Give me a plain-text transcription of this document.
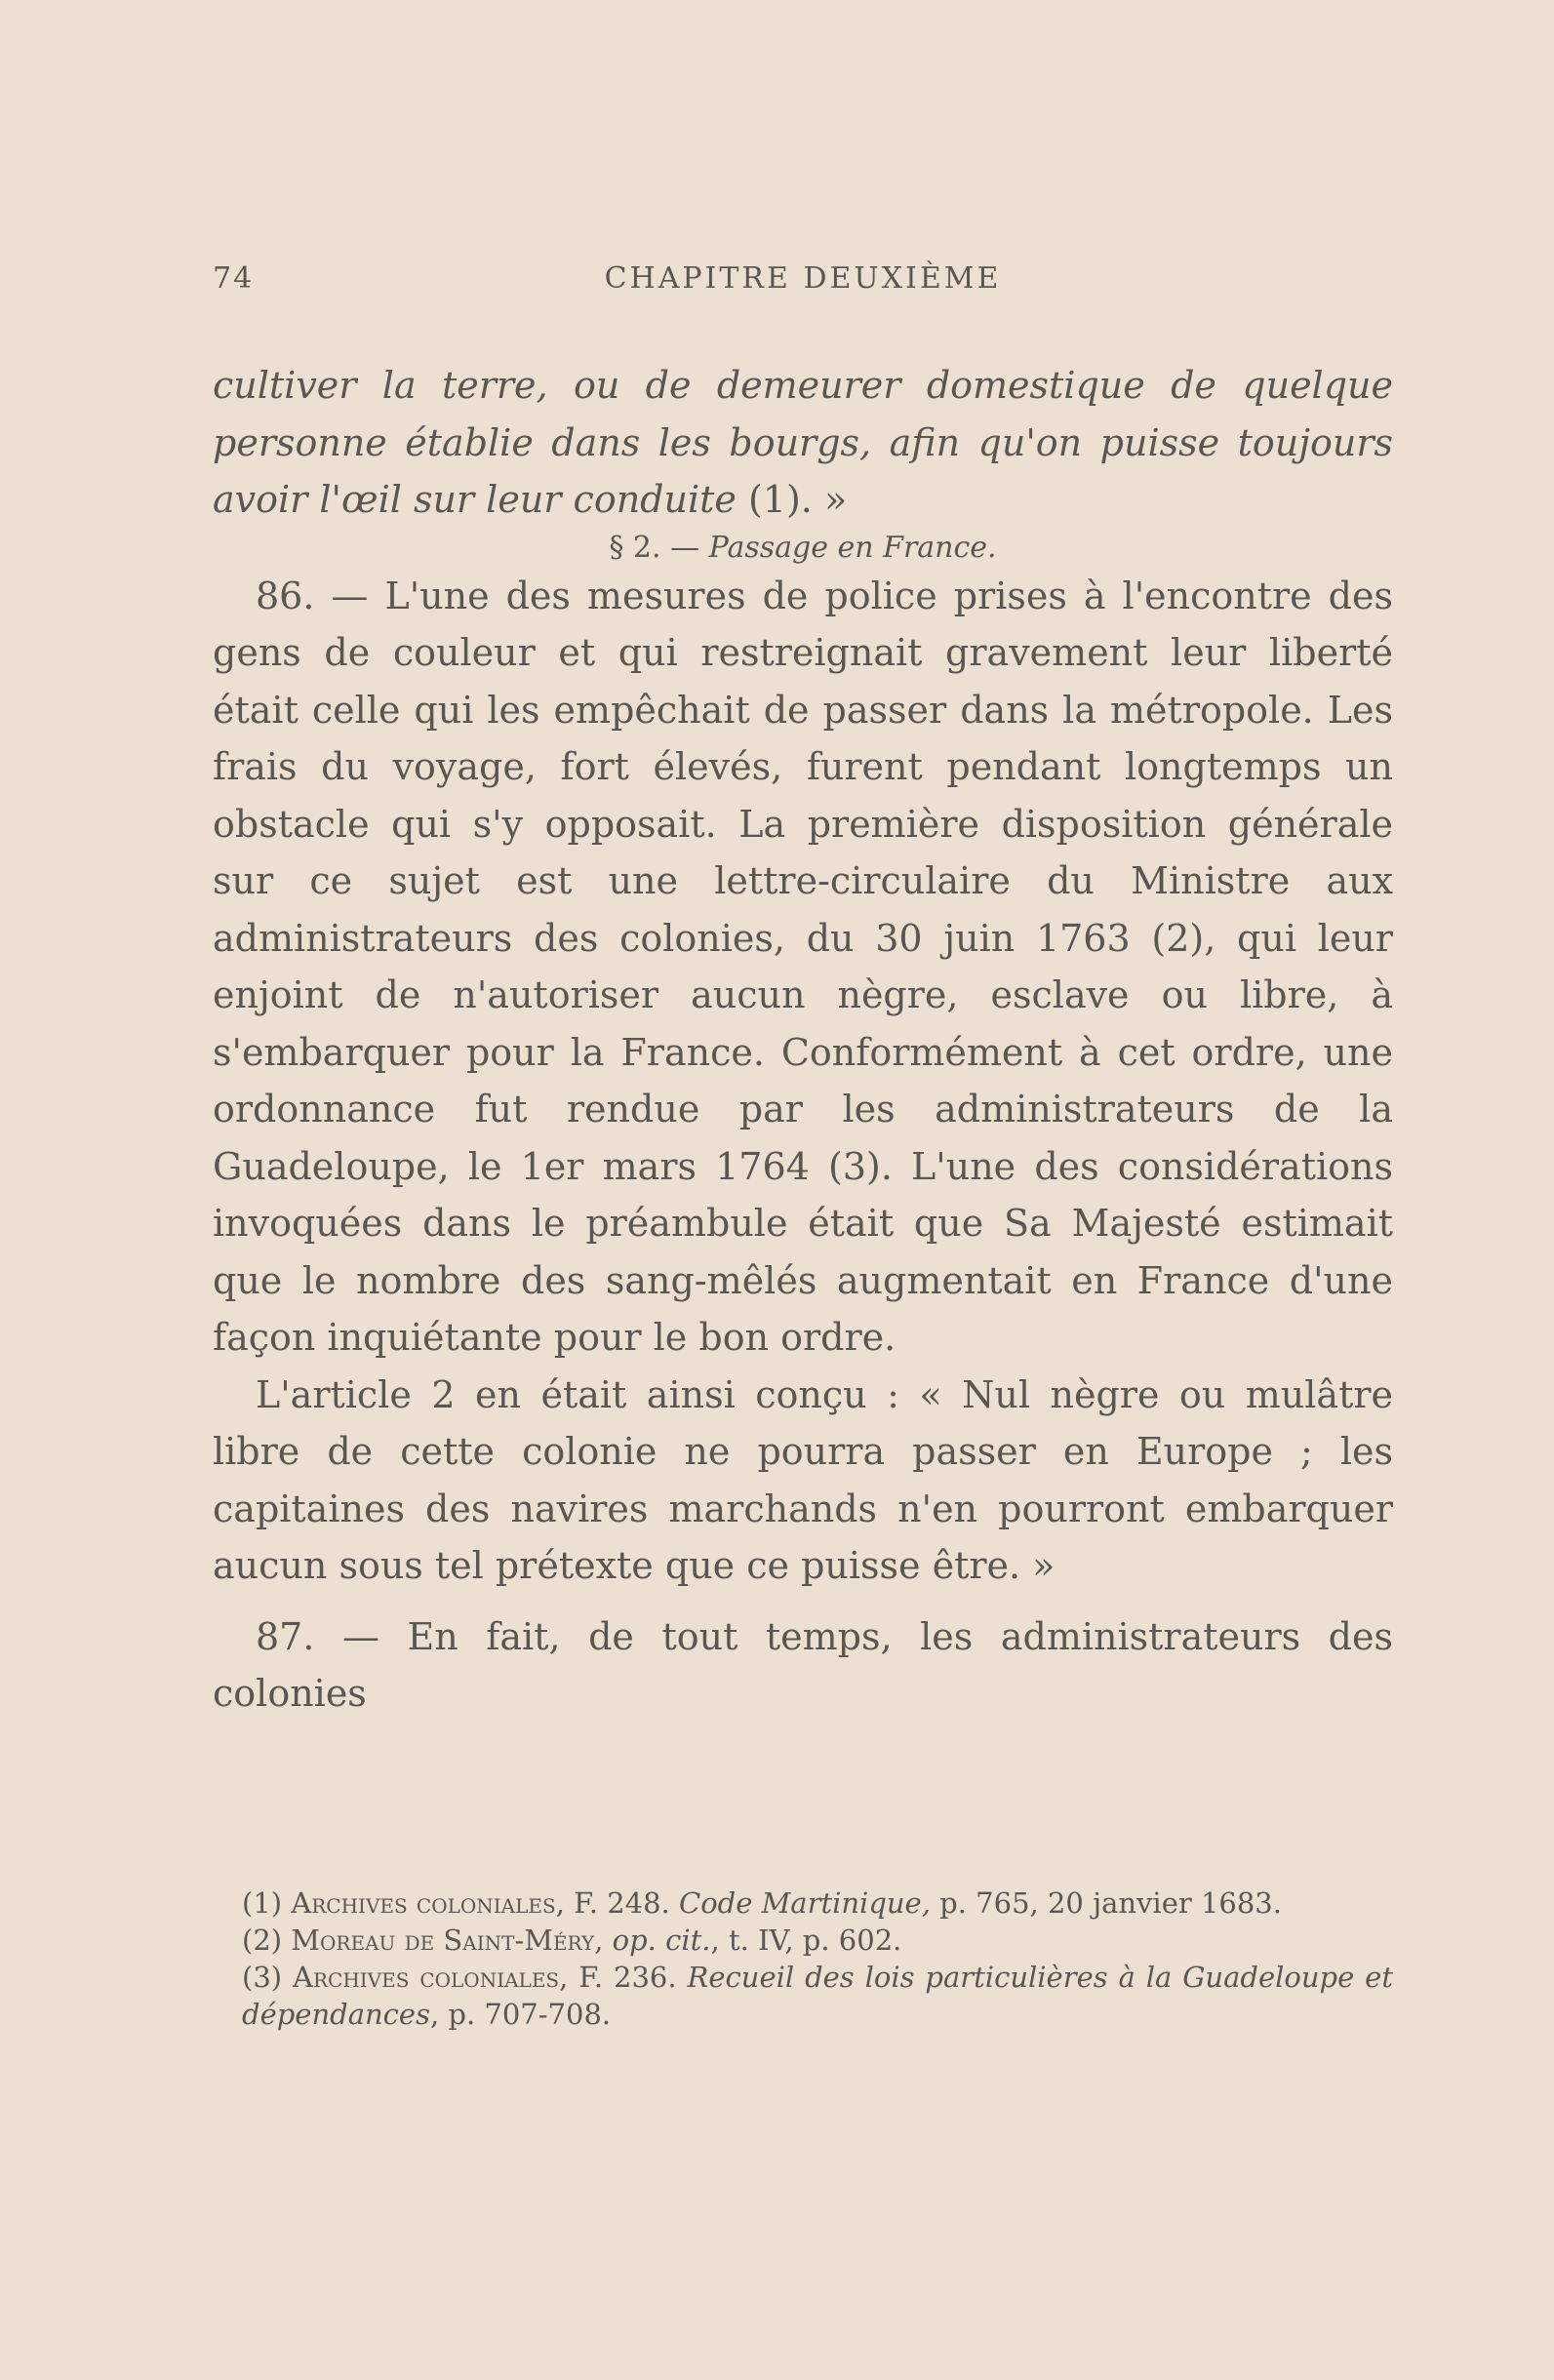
74	CHAPITRE DEUXIÈME

cultiver la terre, ou de demeurer domestique de quelque personne établie dans les bourgs, afin qu'on puisse toujours avoir l'œil sur leur conduite (1). »

§ 2. — Passage en France.

86. — L'une des mesures de police prises à l'encontre des gens de couleur et qui restreignait gravement leur liberté était celle qui les empêchait de passer dans la métropole. Les frais du voyage, fort élevés, furent pendant longtemps un obstacle qui s'y opposait. La première disposition générale sur ce sujet est une lettre-circulaire du Ministre aux administrateurs des colonies, du 30 juin 1763 (2), qui leur enjoint de n'autoriser aucun nègre, esclave ou libre, à s'embarquer pour la France. Conformément à cet ordre, une ordonnance fut rendue par les administrateurs de la Guadeloupe, le 1er mars 1764 (3). L'une des considérations invoquées dans le préambule était que Sa Majesté estimait que le nombre des sang-mêlés augmentait en France d'une façon inquiétante pour le bon ordre.

L'article 2 en était ainsi conçu : « Nul nègre ou mulâtre libre de cette colonie ne pourra passer en Europe ; les capitaines des navires marchands n'en pourront embarquer aucun sous tel prétexte que ce puisse être. »

87. — En fait, de tout temps, les administrateurs des colonies

(1) Archives coloniales, F. 248. Code Martinique, p. 765, 20 janvier 1683.

(2) Moreau de Saint-Méry, op. cit., t. IV, p. 602.

(3) Archives coloniales, F. 236. Recueil des lois particulières à la Guadeloupe et dépendances, p. 707-708.
